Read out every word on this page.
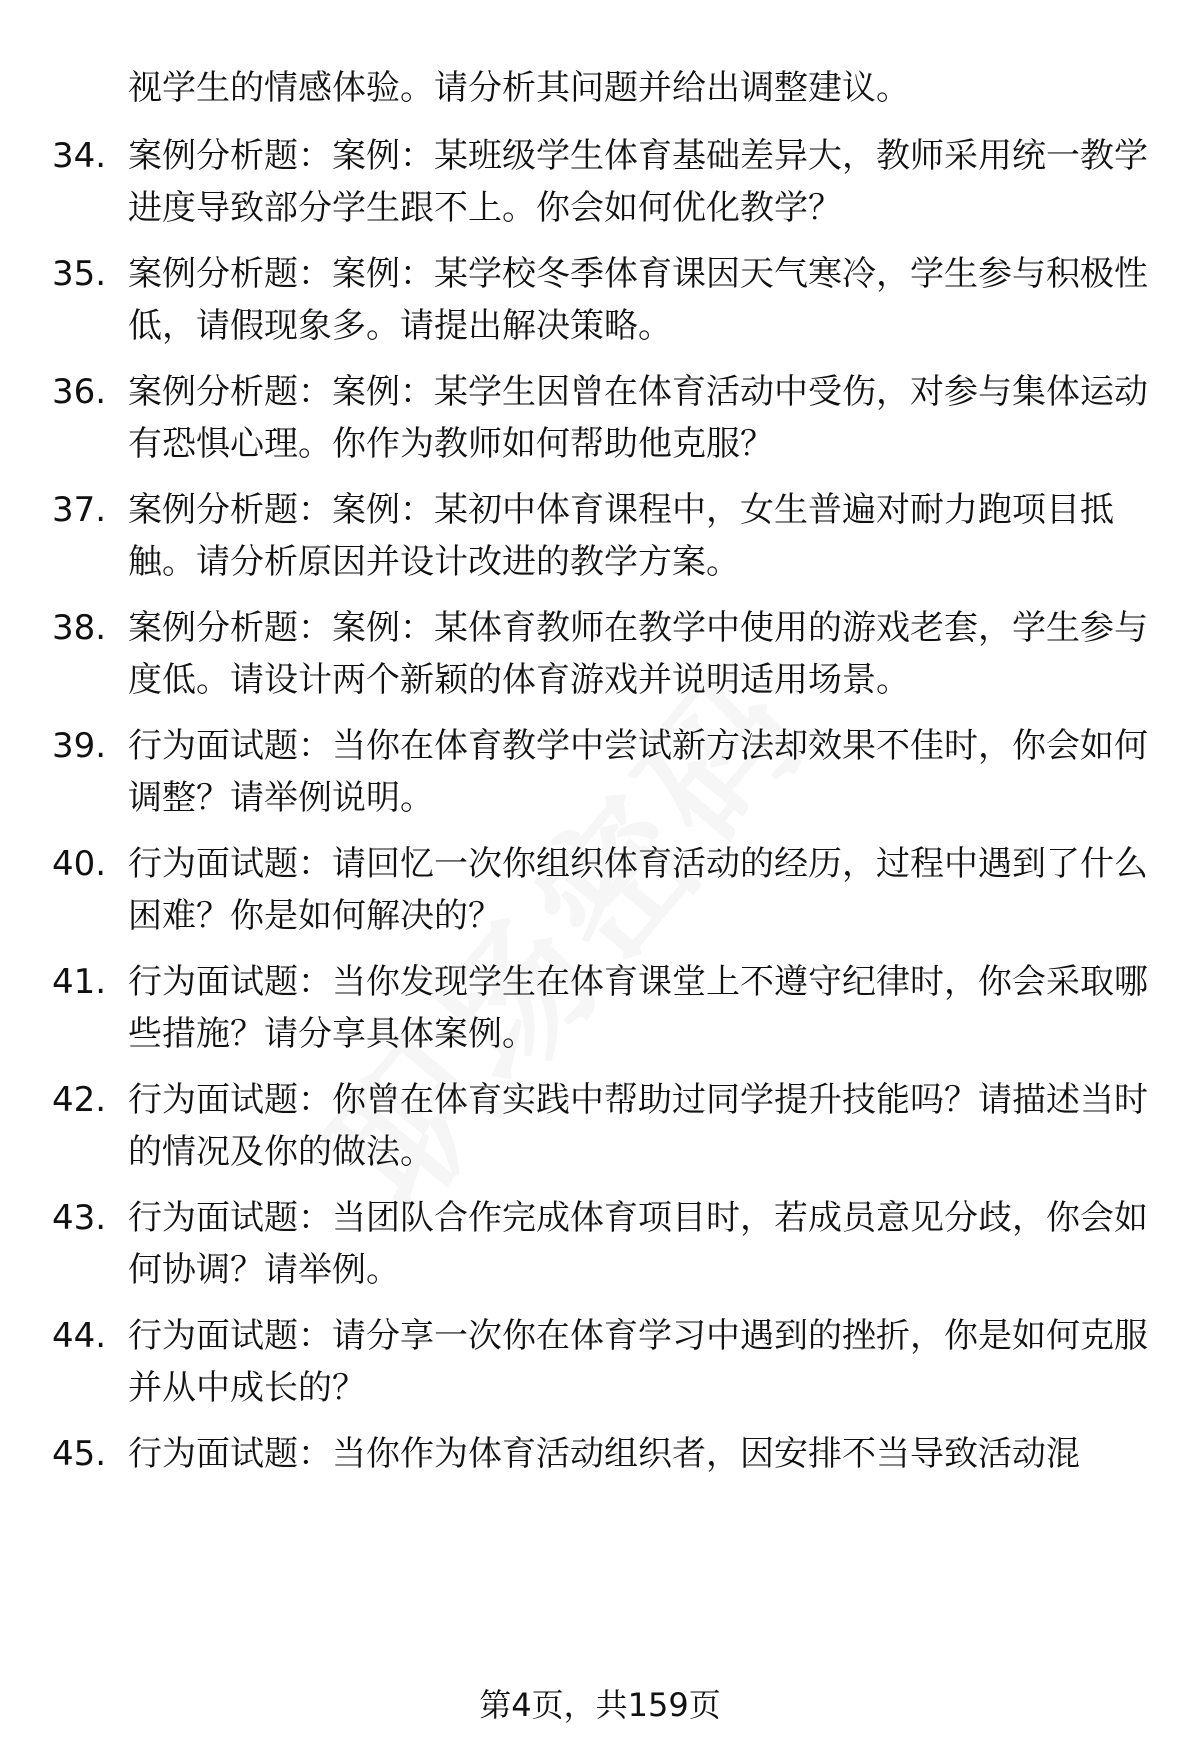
视学生的情感体验。请分析其问题并给出调整建议。

34. 案例分析题：案例：某班级学生体育基础差异大，教师采用统一教学进度导致部分学生跟不上。你会如何优化教学？

35. 案例分析题：案例：某学校冬季体育课因天气寒冷，学生参与积极性低，请假现象多。请提出解决策略。

36. 案例分析题：案例：某学生因曾在体育活动中受伤，对参与集体运动有恐惧心理。你作为教师如何帮助他克服？

37. 案例分析题：案例：某初中体育课程中，女生普遍对耐力跑项目抵触。请分析原因并设计改进的教学方案。

38. 案例分析题：案例：某体育教师在教学中使用的游戏老套，学生参与度低。请设计两个新颖的体育游戏并说明适用场景。

39. 行为面试题：当你在体育教学中尝试新方法却效果不佳时，你会如何调整？请举例说明。

40. 行为面试题：请回忆一次你组织体育活动的经历，过程中遇到了什么困难？你是如何解决的？

41. 行为面试题：当你发现学生在体育课堂上不遵守纪律时，你会采取哪些措施？请分享具体案例。

42. 行为面试题：你曾在体育实践中帮助过同学提升技能吗？请描述当时的情况及你的做法。

43. 行为面试题：当团队合作完成体育项目时，若成员意见分歧，你会如何协调？请举例。

44. 行为面试题：请分享一次你在体育学习中遇到的挫折，你是如何克服并从中成长的？

45. 行为面试题：当你作为体育活动组织者，因安排不当导致活动混

第4页，共159页
